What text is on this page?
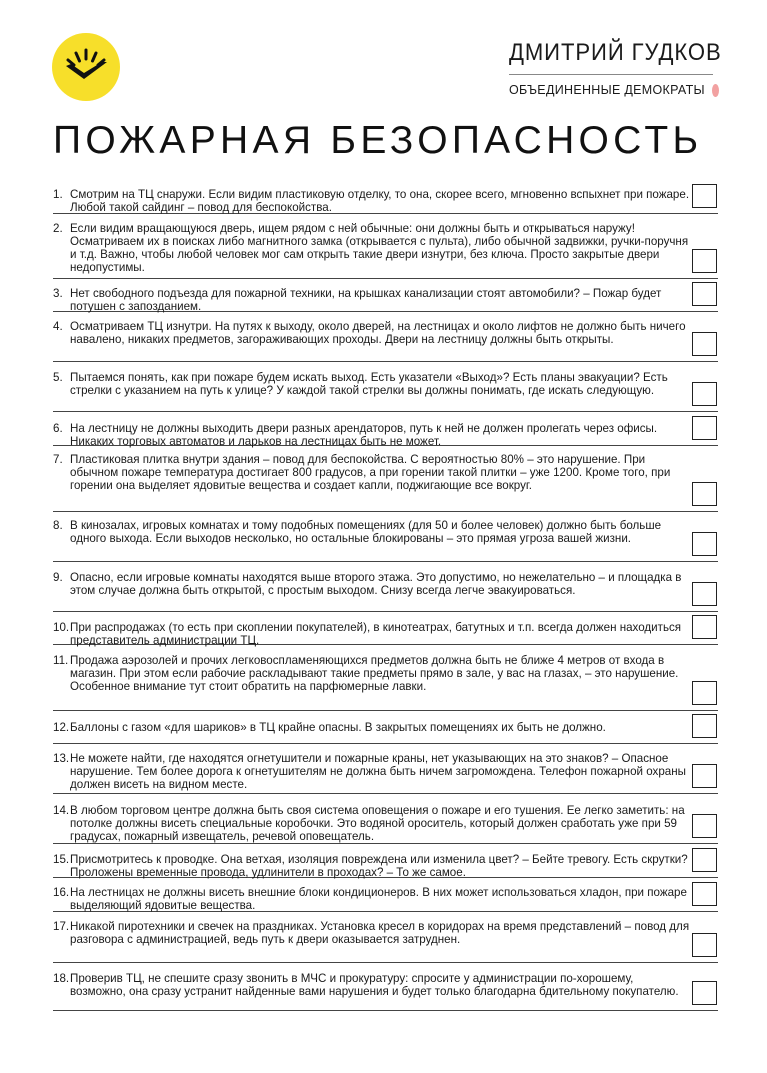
ДМИТРИЙ ГУДКОВ
ОБЪЕДИНЕННЫЕ ДЕМОКРАТЫ
ПОЖАРНАЯ БЕЗОПАСНОСТЬ
1. Смотрим на ТЦ снаружи. Если видим пластиковую отделку, то она, скорее всего, мгновенно вспыхнет при пожаре. Любой такой сайдинг – повод для беспокойства.
2. Если видим вращающуюся дверь, ищем рядом с ней обычные: они должны быть и открываться наружу! Осматриваем их в поисках либо магнитного замка (открывается с пульта), либо обычной задвижки, ручки-поручня и т.д. Важно, чтобы любой человек мог сам открыть такие двери изнутри, без ключа. Просто закрытые двери недопустимы.
3. Нет свободного подъезда для пожарной техники, на крышках канализации стоят автомобили? – Пожар будет потушен с запозданием.
4. Осматриваем ТЦ изнутри. На путях к выходу, около дверей, на лестницах и около лифтов не должно быть ничего навалено, никаких предметов, загораживающих проходы. Двери на лестницу должны быть открыты.
5. Пытаемся понять, как при пожаре будем искать выход. Есть указатели «Выход»? Есть планы эвакуации? Есть стрелки с указанием на путь к улице? У каждой такой стрелки вы должны понимать, где искать следующую.
6. На лестницу не должны выходить двери разных арендаторов, путь к ней не должен пролегать через офисы. Никаких торговых автоматов и ларьков на лестницах быть не может.
7. Пластиковая плитка внутри здания – повод для беспокойства. С вероятностью 80% – это нарушение. При обычном пожаре температура достигает 800 градусов, а при горении такой плитки – уже 1200. Кроме того, при горении она выделяет ядовитые вещества и создает капли, поджигающие все вокруг.
8. В кинозалах, игровых комнатах и тому подобных помещениях (для 50 и более человек) должно быть больше одного выхода. Если выходов несколько, но остальные блокированы – это прямая угроза вашей жизни.
9. Опасно, если игровые комнаты находятся выше второго этажа. Это допустимо, но нежелательно – и площадка в этом случае должна быть открытой, с простым выходом. Снизу всегда легче эвакуироваться.
10. При распродажах (то есть при скоплении покупателей), в кинотеатрах, батутных и т.п. всегда должен находиться представитель администрации ТЦ.
11. Продажа аэрозолей и прочих легковоспламеняющихся предметов должна быть не ближе 4 метров от входа в магазин. При этом если рабочие раскладывают такие предметы прямо в зале, у вас на глазах, – это нарушение. Особенное внимание тут стоит обратить на парфюмерные лавки.
12. Баллоны с газом «для шариков» в ТЦ крайне опасны. В закрытых помещениях их быть не должно.
13. Не можете найти, где находятся огнетушители и пожарные краны, нет указывающих на это знаков? – Опасное нарушение. Тем более дорога к огнетушителям не должна быть ничем загромождена. Телефон пожарной охраны должен висеть на видном месте.
14. В любом торговом центре должна быть своя система оповещения о пожаре и его тушения. Ее легко заметить: на потолке должны висеть специальные коробочки. Это водяной ороситель, который должен сработать уже при 59 градусах, пожарный извещатель, речевой оповещатель.
15. Присмотритесь к проводке. Она ветхая, изоляция повреждена или изменила цвет? – Бейте тревогу. Есть скрутки? Проложены временные провода, удлинители в проходах? – То же самое.
16. На лестницах не должны висеть внешние блоки кондиционеров. В них может использоваться хладон, при пожаре выделяющий ядовитые вещества.
17. Никакой пиротехники и свечек на праздниках. Установка кресел в коридорах на время представлений – повод для разговора с администрацией, ведь путь к двери оказывается затруднен.
18. Проверив ТЦ, не спешите сразу звонить в МЧС и прокуратуру: спросите у администрации по-хорошему, возможно, она сразу устранит найденные вами нарушения и будет только благодарна бдительному покупателю.
